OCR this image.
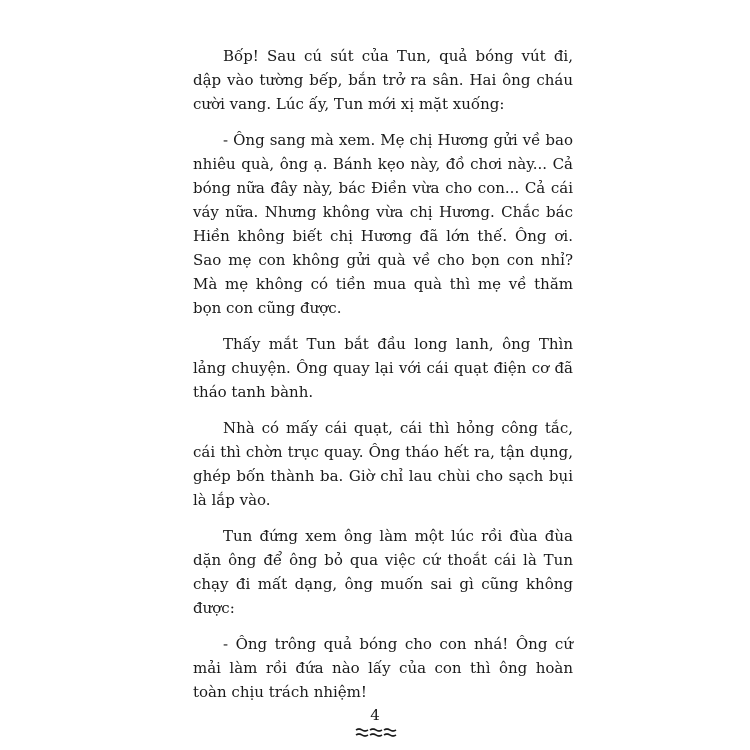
Bốp! Sau cú sút của Tun, quả bóng vút đi, dập vào tường bếp, bắn trở ra sân. Hai ông cháu cười vang. Lúc ấy, Tun mới xị mặt xuống:

- Ông sang mà xem. Mẹ chị Hương gửi về bao nhiêu quà, ông ạ. Bánh kẹo này, đồ chơi này... Cả bóng nữa đây này, bác Điền vừa cho con... Cả cái váy nữa. Nhưng không vừa chị Hương. Chắc bác Hiền không biết chị Hương đã lớn thế. Ông ơi. Sao mẹ con không gửi quà về cho bọn con nhỉ? Mà mẹ không có tiền mua quà thì mẹ về thăm bọn con cũng được.

Thấy mắt Tun bắt đầu long lanh, ông Thìn lảng chuyện. Ông quay lại với cái quạt điện cơ đã tháo tanh bành.

Nhà có mấy cái quạt, cái thì hỏng công tắc, cái thì chờn trục quay. Ông tháo hết ra, tận dụng, ghép bốn thành ba. Giờ chỉ lau chùi cho sạch bụi là lắp vào.

Tun đứng xem ông làm một lúc rồi đùa đùa dặn ông để ông bỏ qua việc cứ thoắt cái là Tun chạy đi mất dạng, ông muốn sai gì cũng không được:

- Ông trông quả bóng cho con nhá! Ông cứ mải làm rồi đứa nào lấy của con thì ông hoàn toàn chịu trách nhiệm!

4
